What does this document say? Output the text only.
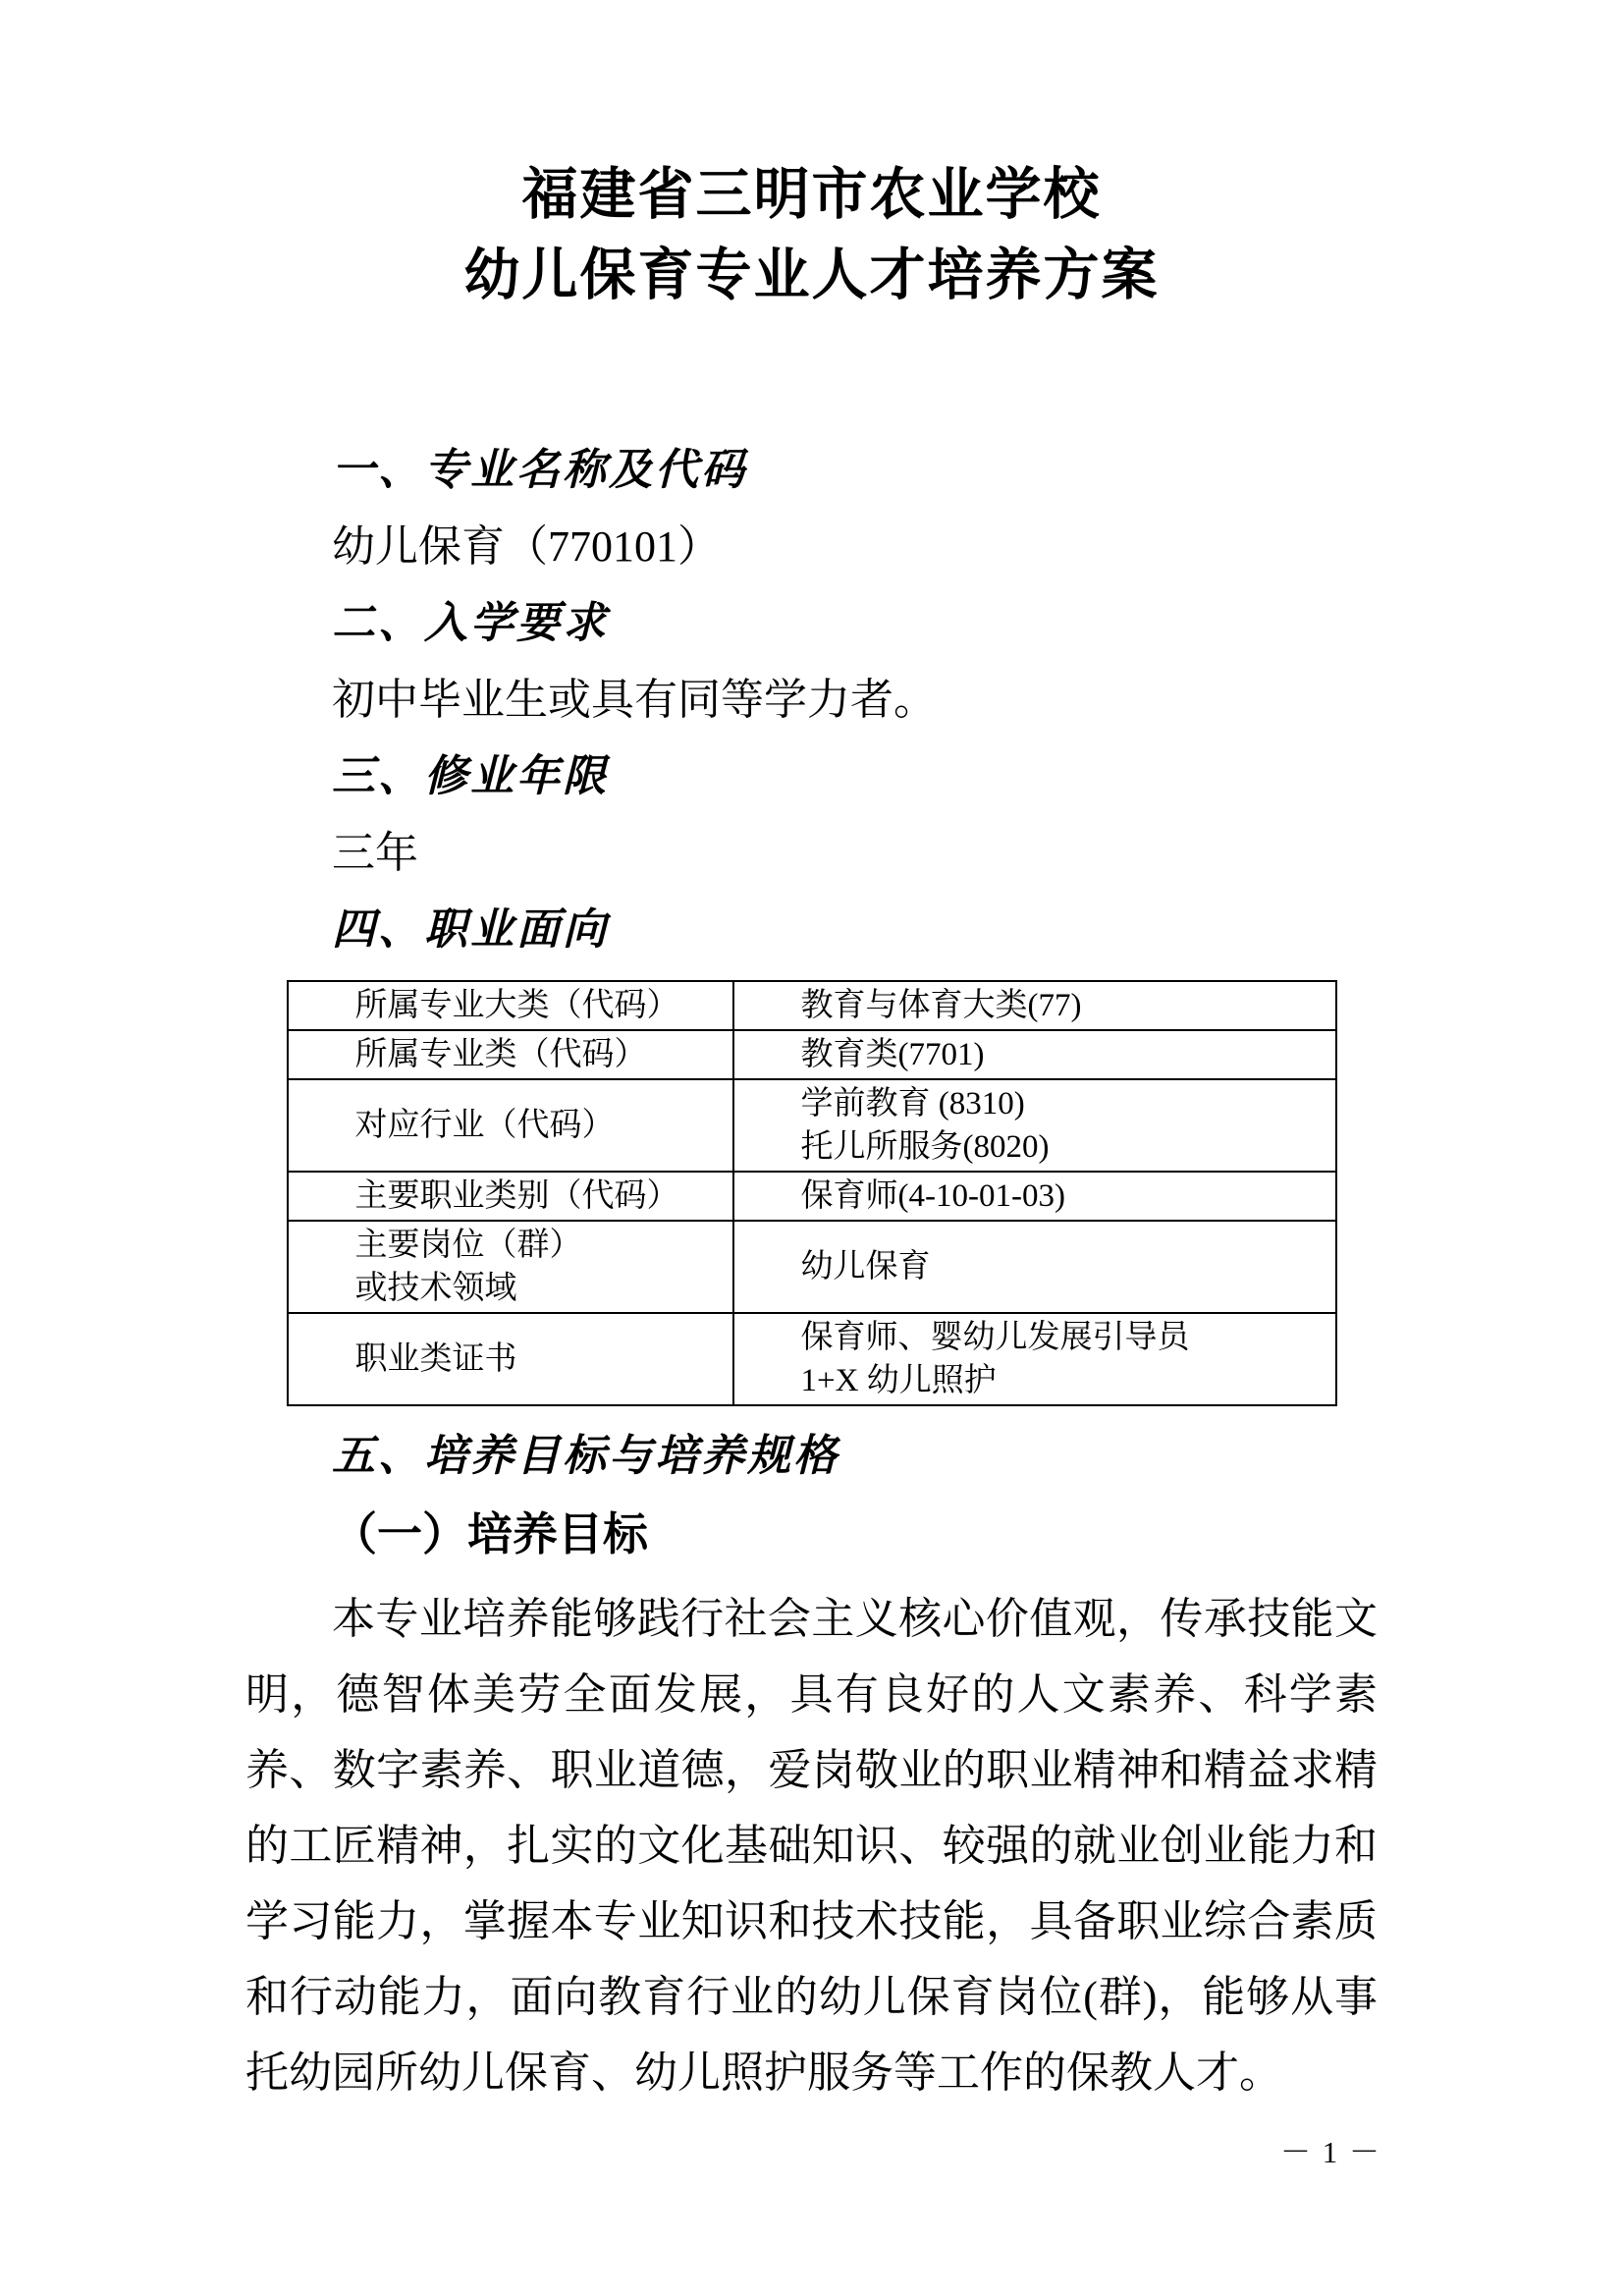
福建省三明市农业学校
幼儿保育专业人才培养方案
一、专业名称及代码
幼儿保育（770101）
二、入学要求
初中毕业生或具有同等学力者。
三、修业年限
三年
四、职业面向
所属专业大类（代码）	教育与体育大类(77)

所属专业类（代码）	教育类(7701)

对应行业（代码）	学前教育 (8310)
托儿所服务(8020)

主要职业类别（代码）	保育师(4-10-01-03)

主要岗位（群）
或技术领域	幼儿保育

职业类证书	保育师、婴幼儿发展引导员
1+X 幼儿照护
五、培养目标与培养规格
（一）培养目标
本专业培养能够践行社会主义核心价值观，传承技能文明，德智体美劳全面发展，具有良好的人文素养、科学素养、数字素养、职业道德，爱岗敬业的职业精神和精益求精的工匠精神，扎实的文化基础知识、较强的就业创业能力和学习能力，掌握本专业知识和技术技能，具备职业综合素质和行动能力，面向教育行业的幼儿保育岗位(群)，能够从事托幼园所幼儿保育、幼儿照护服务等工作的保教人才。
－ 1 －
